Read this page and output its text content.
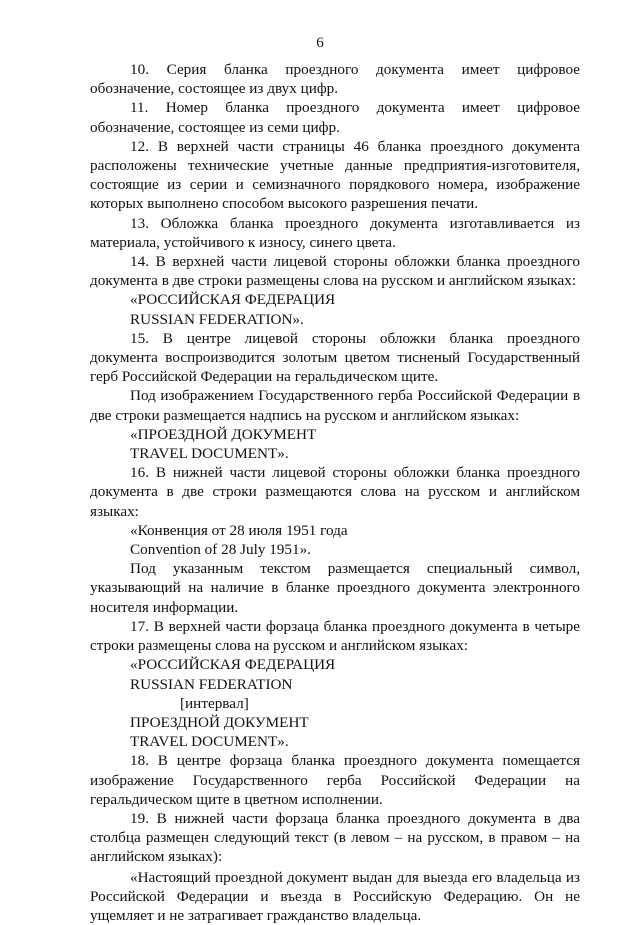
6

10. Серия бланка проездного документа имеет цифровое обозначение, состоящее из двух цифр.

11. Номер бланка проездного документа имеет цифровое обозначение, состоящее из семи цифр.

12. В верхней части страницы 46 бланка проездного документа расположены технические учетные данные предприятия-изготовителя, состоящие из серии и семизначного порядкового номера, изображение которых выполнено способом высокого разрешения печати.

13. Обложка бланка проездного документа изготавливается из материала, устойчивого к износу, синего цвета.

14. В верхней части лицевой стороны обложки бланка проездного документа в две строки размещены слова на русском и английском языках:

«РОССИЙСКАЯ ФЕДЕРАЦИЯ

RUSSIAN FEDERATION».

15. В центре лицевой стороны обложки бланка проездного документа воспроизводится золотым цветом тисненый Государственный герб Российской Федерации на геральдическом щите.

Под изображением Государственного герба Российской Федерации в две строки размещается надпись на русском и английском языках:

«ПРОЕЗДНОЙ ДОКУМЕНТ

TRAVEL DOCUMENT».

16. В нижней части лицевой стороны обложки бланка проездного документа в две строки размещаются слова на русском и английском языках:

«Конвенция от 28 июля 1951 года

Convention of 28 July 1951».

Под указанным текстом размещается специальный символ, указывающий на наличие в бланке проездного документа электронного носителя информации.

17. В верхней части форзаца бланка проездного документа в четыре строки размещены слова на русском и английском языках:

«РОССИЙСКАЯ ФЕДЕРАЦИЯ

RUSSIAN FEDERATION

[интервал]

ПРОЕЗДНОЙ ДОКУМЕНТ

TRAVEL DOCUMENT».

18. В центре форзаца бланка проездного документа помещается изображение Государственного герба Российской Федерации на геральдическом щите в цветном исполнении.

19. В нижней части форзаца бланка проездного документа в два столбца размещен следующий текст (в левом – на русском, в правом – на английском языках):

«Настоящий проездной документ выдан для выезда его владельца из Российской Федерации и въезда в Российскую Федерацию. Он не ущемляет и не затрагивает гражданство владельца.
